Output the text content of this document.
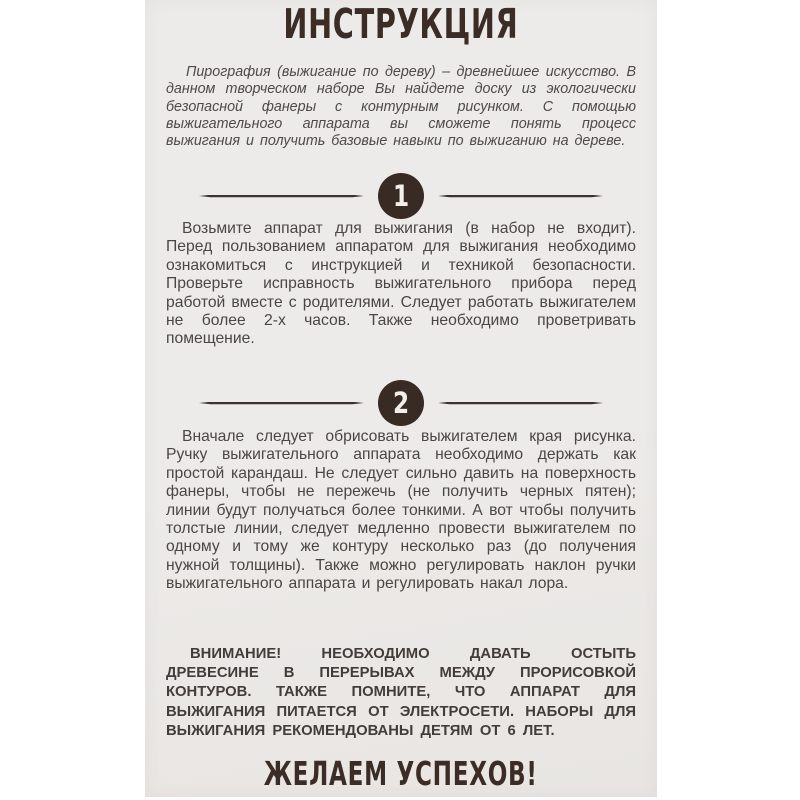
ИНСТРУКЦИЯ

Пирография (выжигание по дереву) – древнейшее искусство. В данном творческом наборе Вы найдете доску из экологически безопасной фанеры с контурным рисунком. С помощью выжигательного аппарата вы сможете понять процесс выжигания и получить базовые навыки по выжиганию на дереве.

1

Возьмите аппарат для выжигания (в набор не входит). Перед пользованием аппаратом для выжигания необходимо ознакомиться с инструкцией и техникой безопасности. Проверьте исправность выжигательного прибора перед работой вместе с родителями. Следует работать выжигателем не более 2-х часов. Также необходимо проветривать помещение.

2

Вначале следует обрисовать выжигателем края рисунка. Ручку выжигательного аппарата необходимо держать как простой карандаш. Не следует сильно давить на поверхность фанеры, чтобы не пережечь (не получить черных пятен); линии будут получаться более тонкими. А вот чтобы получить толстые линии, следует медленно провести выжигателем по одному и тому же контуру несколько раз (до получения нужной толщины). Также можно регулировать наклон ручки выжигательного аппарата и регулировать накал лора.

ВНИМАНИЕ! НЕОБХОДИМО ДАВАТЬ ОСТЫТЬ ДРЕВЕСИНЕ В ПЕРЕРЫВАХ МЕЖДУ ПРОРИСОВКОЙ КОНТУРОВ. ТАКЖЕ ПОМНИТЕ, ЧТО АППАРАТ ДЛЯ ВЫЖИГАНИЯ ПИТАЕТСЯ ОТ ЭЛЕКТРОСЕТИ. НАБОРЫ ДЛЯ ВЫЖИГАНИЯ РЕКОМЕНДОВАНЫ ДЕТЯМ ОТ 6 ЛЕТ.

ЖЕЛАЕМ УСПЕХОВ!
